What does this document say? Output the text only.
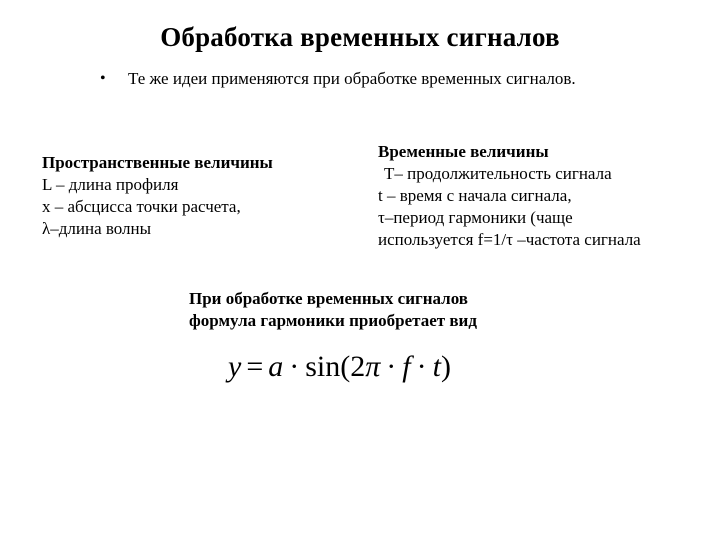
Обработка временных сигналов
• Те же идеи применяются при обработке временных сигналов.
Пространственные величины
L – длина профиля
x – абсцисса точки расчета,
λ–длина волны
Временные величины
T– продолжительность сигнала
t – время с начала сигнала,
τ–период гармоники (чаще
используется f=1/τ –частота сигнала
При обработке временных сигналов
формула гармоники приобретает вид
y = a · sin(2π · f · t)
